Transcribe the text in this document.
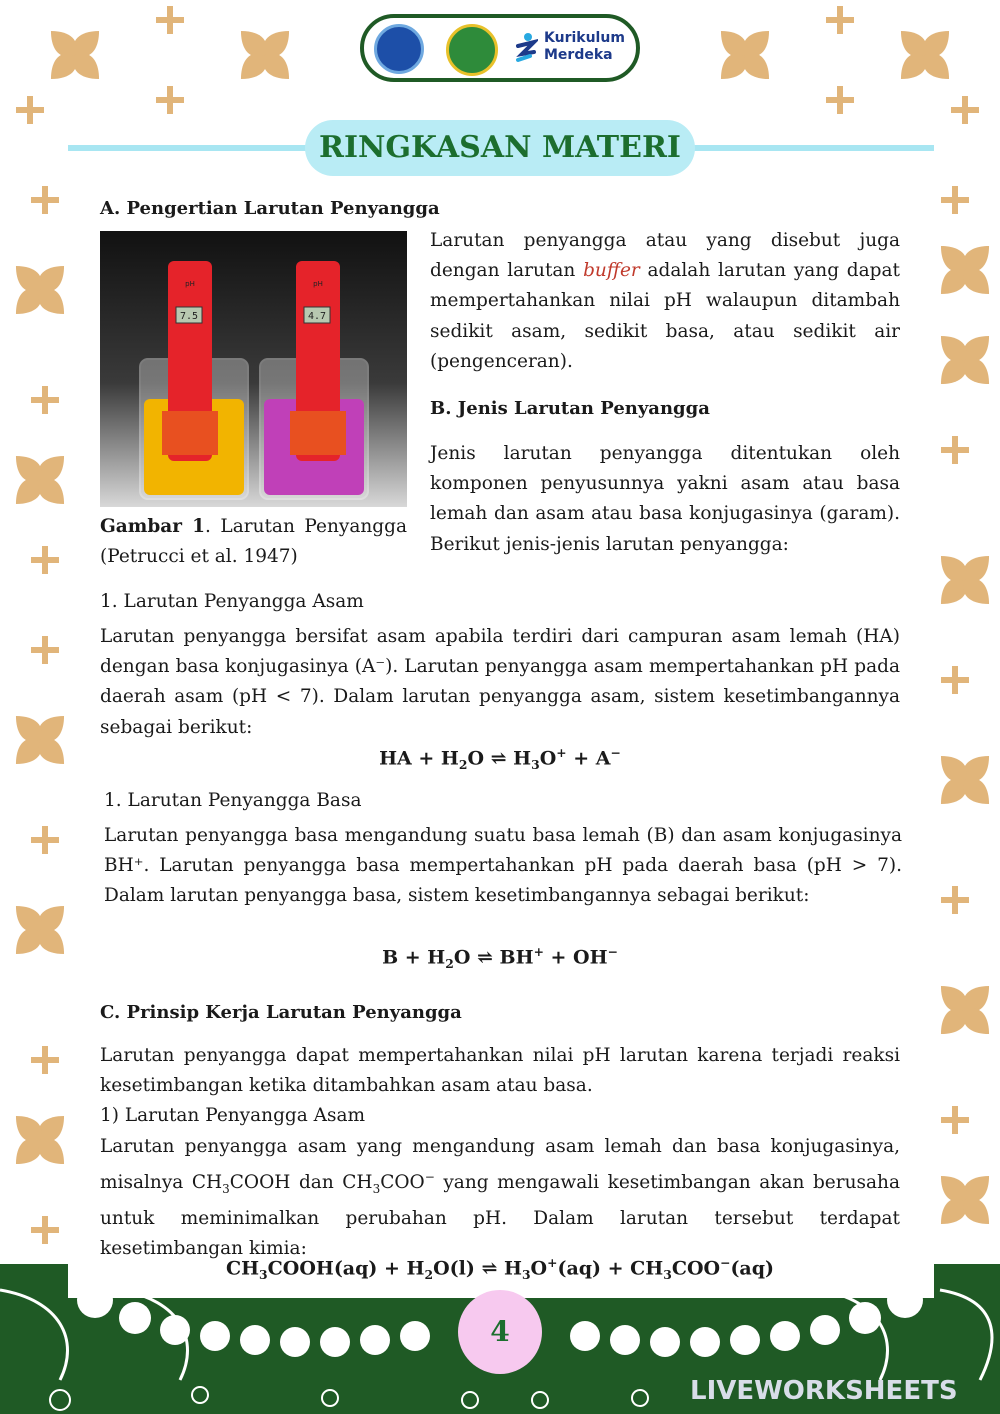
Kurikulum
Merdeka
RINGKASAN MATERI
A. Pengertian Larutan Penyangga
7.5
pH
4.7
pH
Gambar 1. Larutan Penyangga (Petrucci et al. 1947)
Larutan penyangga atau yang disebut juga dengan larutan buffer adalah larutan yang dapat mempertahankan nilai pH walaupun ditambah sedikit asam, sedikit basa, atau sedikit air (pengenceran).
B. Jenis Larutan Penyangga
Jenis larutan penyangga ditentukan oleh komponen penyusunnya yakni asam atau basa lemah dan asam atau basa konjugasinya (garam). Berikut jenis-jenis larutan penyangga:
1. Larutan Penyangga Asam
Larutan penyangga bersifat asam apabila terdiri dari campuran asam lemah (HA) dengan basa konjugasinya (A⁻). Larutan penyangga asam mempertahankan pH pada daerah asam (pH < 7). Dalam larutan penyangga asam, sistem kesetimbangannya sebagai berikut:
HA + $H_2O$ ⇌ $H_3O^+ + A^-$
1. Larutan Penyangga Basa
Larutan penyangga basa mengandung suatu basa lemah (B) dan asam konjugasinya BH⁺. Larutan penyangga basa mempertahankan pH pada daerah basa (pH > 7). Dalam larutan penyangga basa, sistem kesetimbangannya sebagai berikut:
$B + H_2O$ ⇌ BH+ + OH−
C. Prinsip Kerja Larutan Penyangga
Larutan penyangga dapat mempertahankan nilai pH larutan karena terjadi reaksi kesetimbangan ketika ditambahkan asam atau basa.
1) Larutan Penyangga Asam
Larutan penyangga asam yang mengandung asam lemah dan basa konjugasinya, misalnya $CH_3COOH$ dan $CH_3COO^-$ yang mengawali kesetimbangan akan berusaha untuk meminimalkan perubahan pH. Dalam larutan tersebut terdapat kesetimbangan kimia:
$CH_3COOH(aq) + H_2O(l)$ ⇌ $H_3O^+(aq) + CH_3COO^-(aq)$
4
LIVEWORKSHEETS
